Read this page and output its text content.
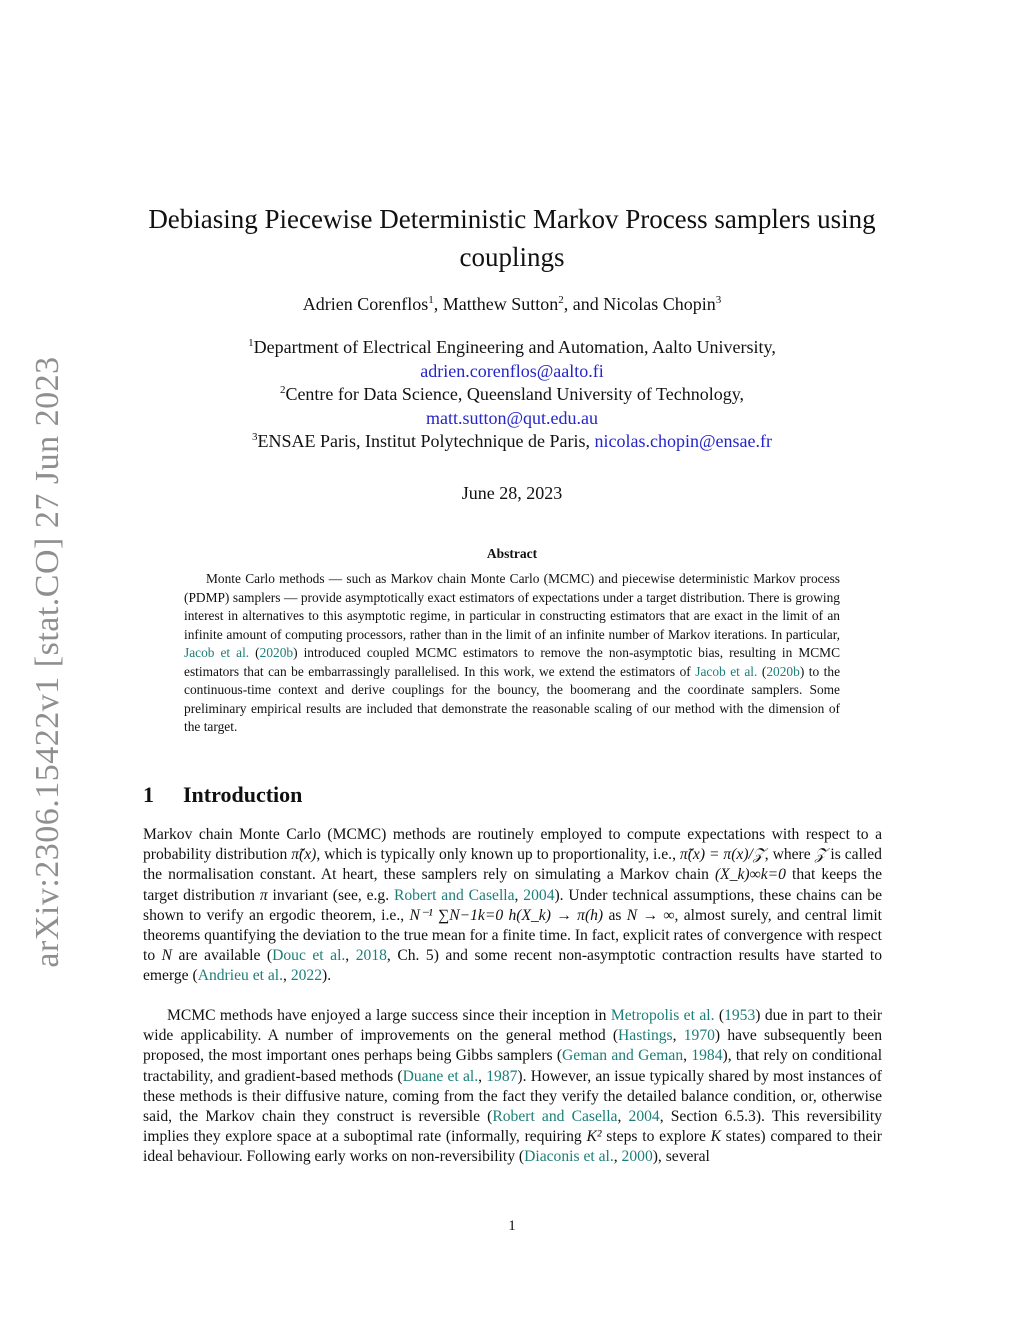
arXiv:2306.15422v1 [stat.CO] 27 Jun 2023
Debiasing Piecewise Deterministic Markov Process samplers using couplings
Adrien Corenflos$^1$, Matthew Sutton$^2$, and Nicolas Chopin$^3$
$^1$Department of Electrical Engineering and Automation, Aalto University,
adrien.corenflos@aalto.fi
$^2$Centre for Data Science, Queensland University of Technology,
matt.sutton@qut.edu.au
$^3$ENSAE Paris, Institut Polytechnique de Paris, nicolas.chopin@ensae.fr
June 28, 2023
Abstract

Monte Carlo methods — such as Markov chain Monte Carlo (MCMC) and piecewise deterministic Markov process (PDMP) samplers — provide asymptotically exact estimators of expectations under a target distribution. There is growing interest in alternatives to this asymptotic regime, in particular in constructing estimators that are exact in the limit of an infinite amount of computing processors, rather than in the limit of an infinite number of Markov iterations. In particular, Jacob et al. (2020b) introduced coupled MCMC estimators to remove the non-asymptotic bias, resulting in MCMC estimators that can be embarrassingly parallelised. In this work, we extend the estimators of Jacob et al. (2020b) to the continuous-time context and derive couplings for the bouncy, the boomerang and the coordinate samplers. Some preliminary empirical results are included that demonstrate the reasonable scaling of our method with the dimension of the target.

1 Introduction

Markov chain Monte Carlo (MCMC) methods are routinely employed to compute expectations with respect to a probability distribution π̃(x), which is typically only known up to proportionality, i.e., π̃(x) = π(x)/𝒵, where 𝒵 is called the normalisation constant. At heart, these samplers rely on simulating a Markov chain (X_k)∞k=0 that keeps the target distribution π invariant (see, e.g. Robert and Casella, 2004). Under technical assumptions, these chains can be shown to verify an ergodic theorem, i.e., N⁻¹ ∑N−1k=0 h(X_k) → π(h) as N → ∞, almost surely, and central limit theorems quantifying the deviation to the true mean for a finite time. In fact, explicit rates of convergence with respect to N are available (Douc et al., 2018, Ch. 5) and some recent non-asymptotic contraction results have started to emerge (Andrieu et al., 2022).

MCMC methods have enjoyed a large success since their inception in Metropolis et al. (1953) due in part to their wide applicability. A number of improvements on the general method (Hastings, 1970) have subsequently been proposed, the most important ones perhaps being Gibbs samplers (Geman and Geman, 1984), that rely on conditional tractability, and gradient-based methods (Duane et al., 1987). However, an issue typically shared by most instances of these methods is their diffusive nature, coming from the fact they verify the detailed balance condition, or, otherwise said, the Markov chain they construct is reversible (Robert and Casella, 2004, Section 6.5.3). This reversibility implies they explore space at a suboptimal rate (informally, requiring K² steps to explore K states) compared to their ideal behaviour. Following early works on non-reversibility (Diaconis et al., 2000), several

1
